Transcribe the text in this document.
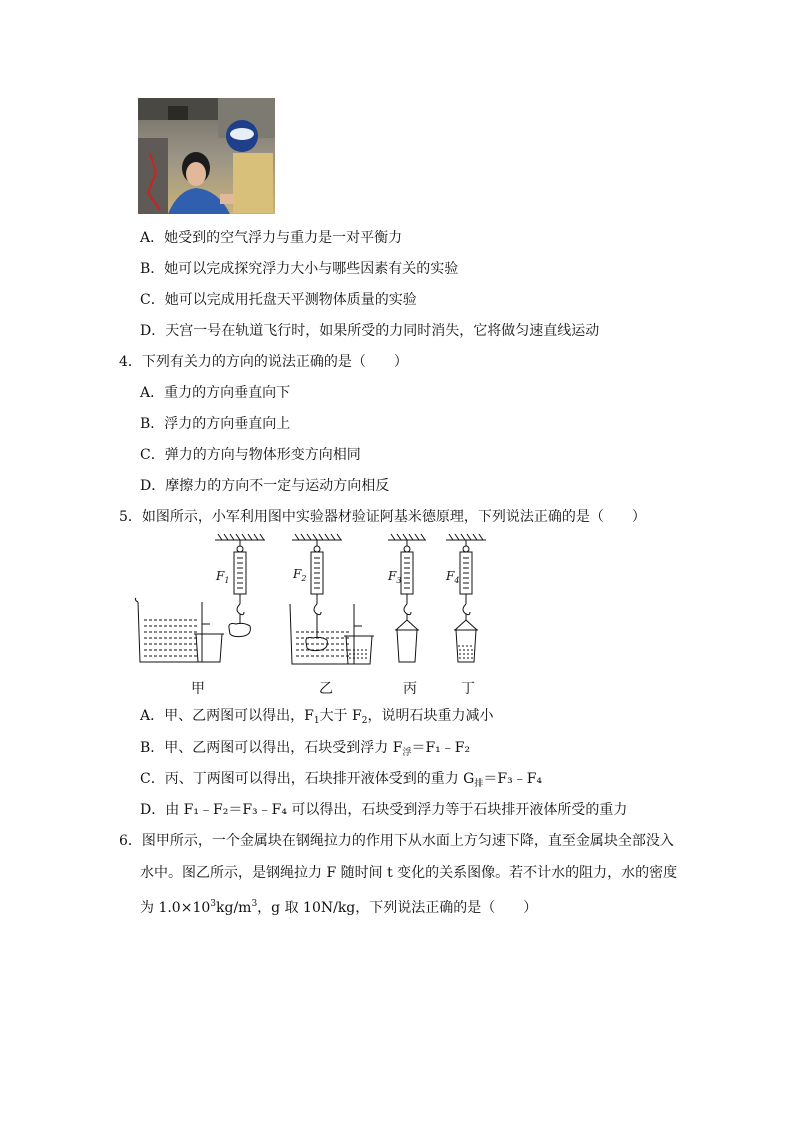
A．她受到的空气浮力与重力是一对平衡力
B．她可以完成探究浮力大小与哪些因素有关的实验
C．她可以完成用托盘天平测物体质量的实验
D．天宫一号在轨道飞行时，如果所受的力同时消失，它将做匀速直线运动
4．下列有关力的方向的说法正确的是（　　）
A．重力的方向垂直向下
B．浮力的方向垂直向上
C．弹力的方向与物体形变方向相同
D．摩擦力的方向不一定与运动方向相反
5．如图所示，小军利用图中实验器材验证阿基米德原理，下列说法正确的是（　　）
$F_1$	$F_2$	$F_3$	$F_4$
甲	乙	丙	丁
A．甲、乙两图可以得出，$F_1$大于 $F_2$，说明石块重力减小
B．甲、乙两图可以得出，石块受到浮力 $F_浮=F_1﹣F_2$
C．丙、丁两图可以得出，石块排开液体受到的重力 $G_排=F_3﹣F_4$
D．由 F₁﹣F₂＝F₃﹣F₄ 可以得出，石块受到浮力等于石块排开液体所受的重力
6．图甲所示，一个金属块在钢绳拉力的作用下从水面上方匀速下降，直至金属块全部没入
水中。图乙所示，是钢绳拉力 F 随时间 t 变化的关系图像。若不计水的阻力，水的密度
为 $1.0\times 10^3kg/m^3$，g 取 10N/kg，下列说法正确的是（　　）
